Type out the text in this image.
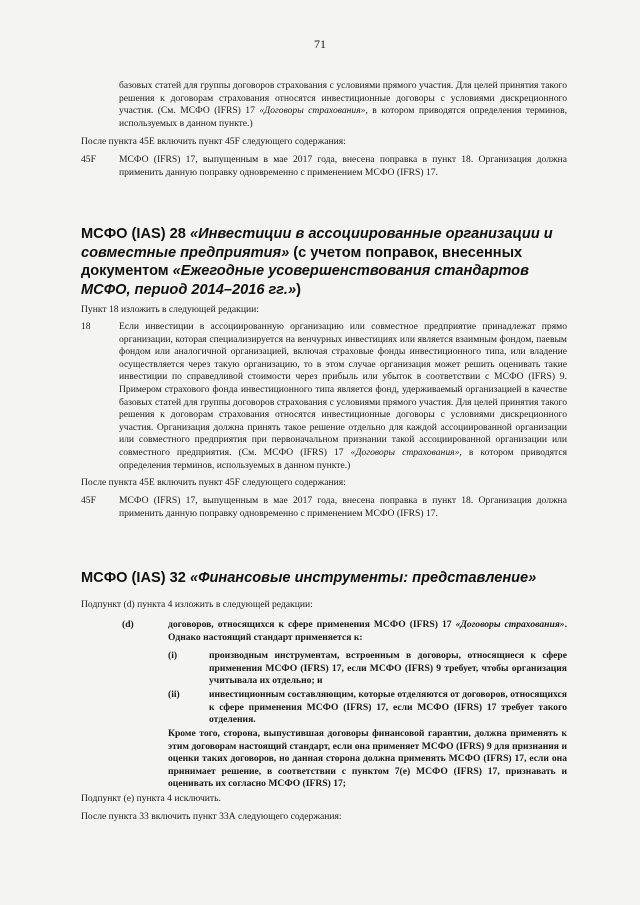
71
базовых статей для группы договоров страхования с условиями прямого участия. Для целей принятия такого решения к договорам страхования относятся инвестиционные договоры с условиями дискреционного участия. (См. МСФО (IFRS) 17 «Договоры страхования», в котором приводятся определения терминов, используемых в данном пункте.)
После пункта 45Е включить пункт 45F следующего содержания:
45F МСФО (IFRS) 17, выпущенным в мае 2017 года, внесена поправка в пункт 18. Организация должна применить данную поправку одновременно с применением МСФО (IFRS) 17.
МСФО (IAS) 28 «Инвестиции в ассоциированные организации и совместные предприятия» (с учетом поправок, внесенных документом «Ежегодные усовершенствования стандартов МСФО, период 2014–2016 гг.»)
Пункт 18 изложить в следующей редакции:
18	Если инвестиции в ассоциированную организацию или совместное предприятие принадлежат прямо организации, которая специализируется на венчурных инвестициях или является взаимным фондом, паевым фондом или аналогичной организацией, включая страховые фонды инвестиционного типа, или владение осуществляется через такую организацию, то в этом случае организация может решить оценивать такие инвестиции по справедливой стоимости через прибыль или убыток в соответствии с МСФО (IFRS) 9. Примером страхового фонда инвестиционного типа является фонд, удерживаемый организацией в качестве базовых статей для группы договоров страхования с условиями прямого участия. Для целей принятия такого решения к договорам страхования относятся инвестиционные договоры с условиями дискреционного участия. Организация должна принять такое решение отдельно для каждой ассоциированной организации или совместного предприятия при первоначальном признании такой ассоциированной организации или совместного предприятия. (См. МСФО (IFRS) 17 «Договоры страхования», в котором приводятся определения терминов, используемых в данном пункте.)
После пункта 45Е включить пункт 45F следующего содержания:
45F МСФО (IFRS) 17, выпущенным в мае 2017 года, внесена поправка в пункт 18. Организация должна применить данную поправку одновременно с применением МСФО (IFRS) 17.
МСФО (IAS) 32 «Финансовые инструменты: представление»
Подпункт (d) пункта 4 изложить в следующей редакции:
(d)	договоров, относящихся к сфере применения МСФО (IFRS) 17 «Договоры страхования». Однако настоящий стандарт применяется к:
(i)	производным инструментам, встроенным в договоры, относящиеся к сфере применения МСФО (IFRS) 17, если МСФО (IFRS) 9 требует, чтобы организация учитывала их отдельно; и
(ii)	инвестиционным составляющим, которые отделяются от договоров, относящихся к сфере применения МСФО (IFRS) 17, если МСФО (IFRS) 17 требует такого отделения.
Кроме того, сторона, выпустившая договоры финансовой гарантии, должна применять к этим договорам настоящий стандарт, если она применяет МСФО (IFRS) 9 для признания и оценки таких договоров, но данная сторона должна применять МСФО (IFRS) 17, если она принимает решение, в соответствии с пунктом 7(е) МСФО (IFRS) 17, признавать и оценивать их согласно МСФО (IFRS) 17;
Подпункт (е) пункта 4 исключить.
После пункта 33 включить пункт 33А следующего содержания:
